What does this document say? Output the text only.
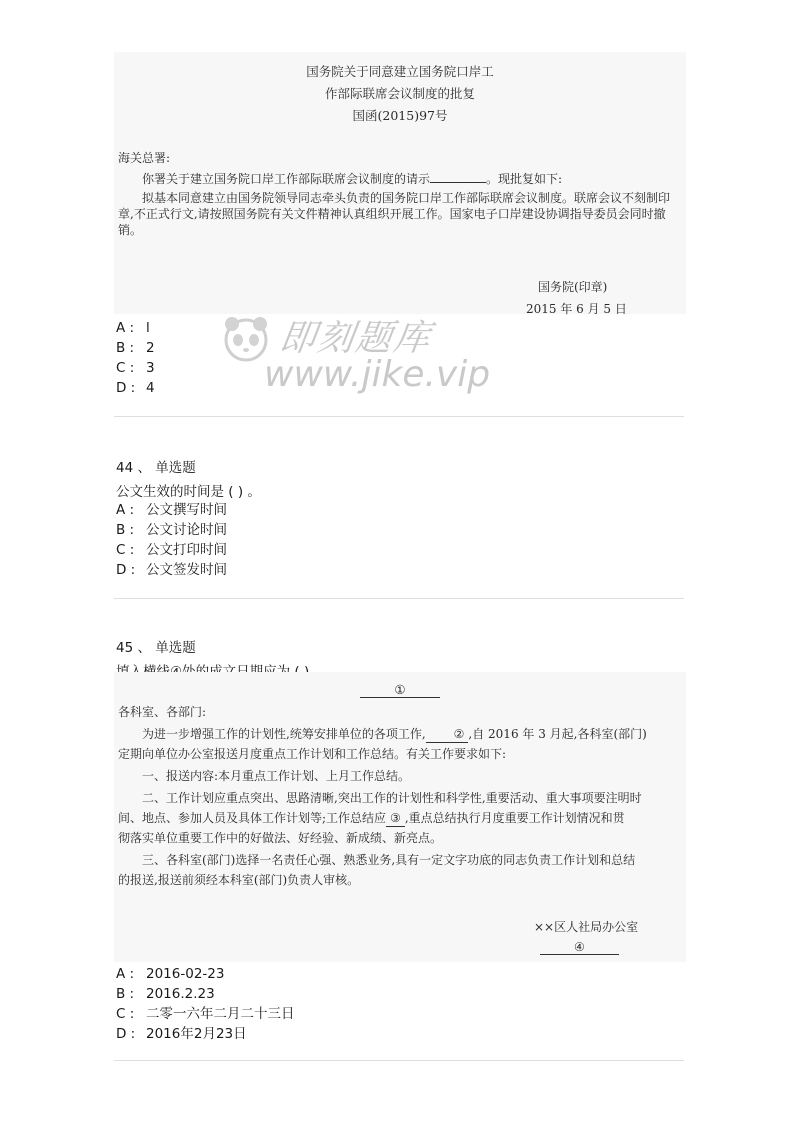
国务院关于同意建立国务院口岸工
作部际联席会议制度的批复
国函(2015)97号
海关总署:
你署关于建立国务院口岸工作部际联席会议制度的请示	。现批复如下:
拟基本同意建立由国务院领导同志牵头负责的国务院口岸工作部际联席会议制度。联席会议不刻制印章,不正式行文,请按照国务院有关文件精神认真组织开展工作。国家电子口岸建设协调指导委员会同时撤销。
国务院(印章)
2015 年 6 月 5 日
即刻题库
www.jike.vip
A : l
B : 2
C : 3
D : 4
44 、 单选题
公文生效的时间是 ( ) 。
A : 公文撰写时间
B : 公文讨论时间
C : 公文打印时间
D : 公文签发时间
45 、 单选题
①
各科室、各部门:
为进一步增强工作的计划性,统筹安排单位的各项工作, ② ,自 2016 年 3 月起,各科室(部门)
定期向单位办公室报送月度重点工作计划和工作总结。有关工作要求如下:
一、报送内容:本月重点工作计划、上月工作总结。
二、工作计划应重点突出、思路清晰,突出工作的计划性和科学性,重要活动、重大事项要注明时
间、地点、参加人员及具体工作计划等;工作总结应 ③ ,重点总结执行月度重要工作计划情况和贯
彻落实单位重要工作中的好做法、好经验、新成绩、新亮点。
三、各科室(部门)选择一名责任心强、熟悉业务,具有一定文字功底的同志负责工作计划和总结
的报送,报送前须经本科室(部门)负责人审核。
××区人社局办公室
④
A : 2016-02-23
B : 2016.2.23
C : 二零一六年二月二十三日
D : 2016年2月23日
